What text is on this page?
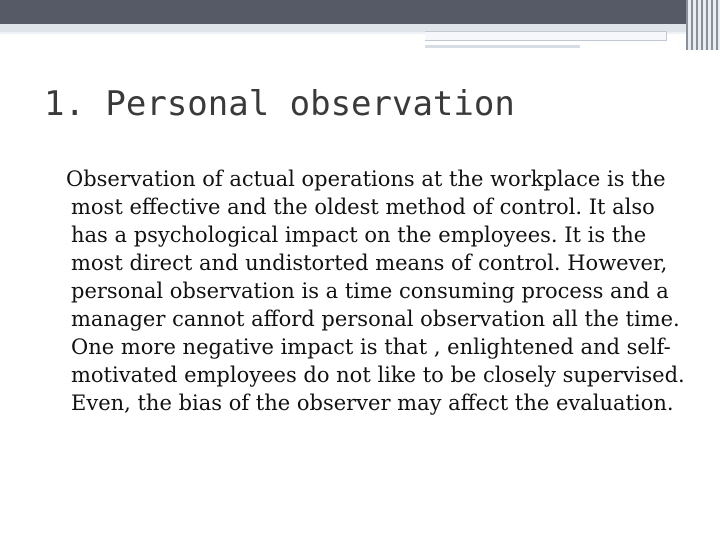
1. Personal observation

Observation of actual operations at the workplace is the most effective and the oldest method of control. It also has a psychological impact on the employees. It is the most direct and undistorted means of control. However, personal observation is a time consuming process and a manager cannot afford personal observation all the time. One more negative impact is that , enlightened and self-motivated employees do not like to be closely supervised. Even, the bias of the observer may affect the evaluation.
